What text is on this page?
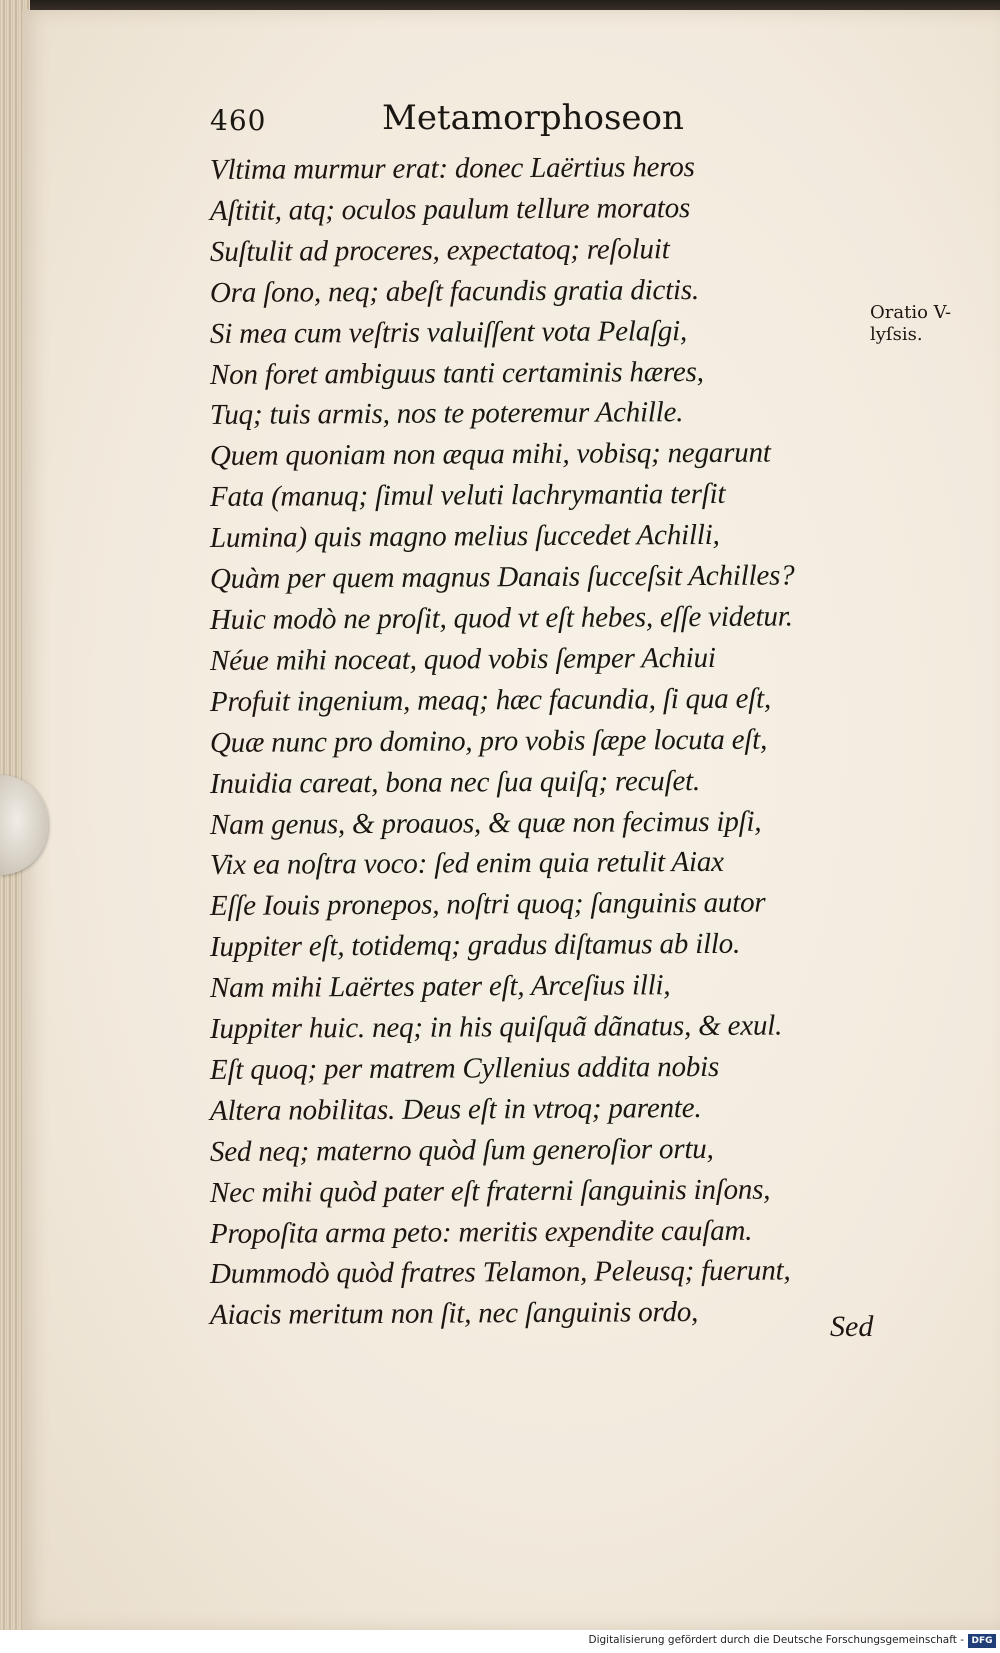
460	Metamorphoseon
Oratio V-
lyſsis.
Vltima murmur erat: donec Laërtius heros
Aſtitit, atq; oculos paulum tellure moratos
Suſtulit ad proceres, expectatoq; reſoluit
Ora ſono, neq; abeſt facundis gratia dictis.
Si mea cum veſtris valuiſſent vota Pelaſgi,
Non foret ambiguus tanti certaminis hæres,
Tuq; tuis armis, nos te poteremur Achille.
Quem quoniam non æqua mihi, vobisq; negarunt
Fata (manuq; ſimul veluti lachrymantia terſit
Lumina) quis magno melius ſuccedet Achilli,
Quàm per quem magnus Danais ſucceſsit Achilles?
Huic modò ne proſit, quod vt eſt hebes, eſſe videtur.
Néue mihi noceat, quod vobis ſemper Achiui
Profuit ingenium, meaq; hæc facundia, ſi qua eſt,
Quæ nunc pro domino, pro vobis ſæpe locuta eſt,
Inuidia careat, bona nec ſua quiſq; recuſet.
Nam genus, & proauos, & quæ non fecimus ipſi,
Vix ea noſtra voco: ſed enim quia retulit Aiax
Eſſe Iouis pronepos, noſtri quoq; ſanguinis autor
Iuppiter eſt, totidemq; gradus diſtamus ab illo.
Nam mihi Laërtes pater eſt, Arceſius illi,
Iuppiter huic. neq; in his quiſquã dãnatus, & exul.
Eſt quoq; per matrem Cyllenius addita nobis
Altera nobilitas. Deus eſt in vtroq; parente.
Sed neq; materno quòd ſum generoſior ortu,
Nec mihi quòd pater eſt fraterni ſanguinis inſons,
Propoſita arma peto: meritis expendite cauſam.
Dummodò quòd fratres Telamon, Peleusq; fuerunt,
Aiacis meritum non ſit, nec ſanguinis ordo,	Sed
Digitalisierung gefördert durch die Deutsche Forschungsgemeinschaft - DFG
